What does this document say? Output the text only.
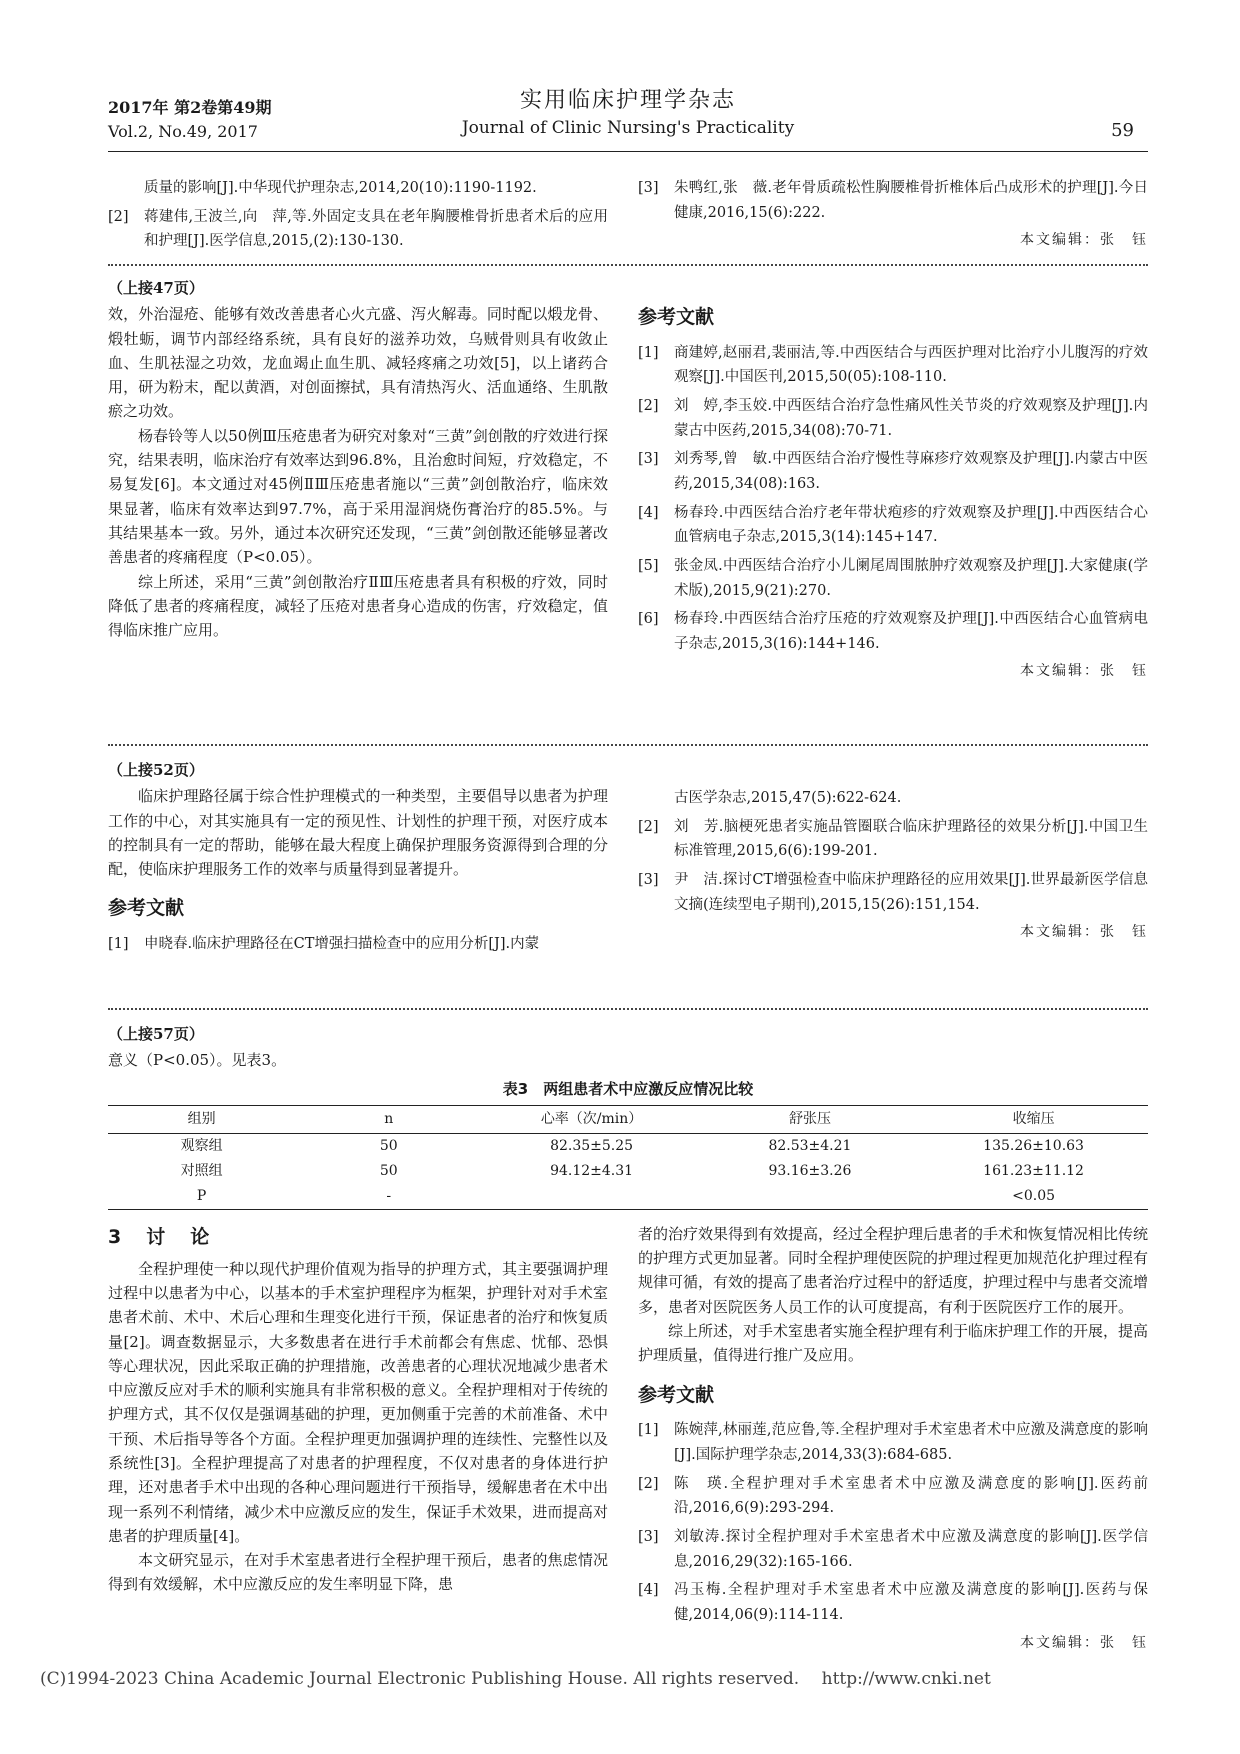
2017年 第2卷第49期
Vol.2, No.49, 2017
实用临床护理学杂志
Journal of Clinic Nursing's Practicality	59
质量的影响[J].中华现代护理杂志,2014,20(10):1190-1192.
[2]	蒋建伟,王波兰,向　萍,等.外固定支具在老年胸腰椎骨折患者术后的应用和护理[J].医学信息,2015,(2):130-130.
[3]	朱鸭红,张　薇.老年骨质疏松性胸腰椎骨折椎体后凸成形术的护理[J].今日健康,2016,15(6):222.
本文编辑：张　钰
（上接47页）

效，外治湿疮、能够有效改善患者心火亢盛、泻火解毒。同时配以煅龙骨、煅牡蛎，调节内部经络系统，具有良好的滋养功效，乌贼骨则具有收敛止血、生肌祛湿之功效，龙血竭止血生肌、减轻疼痛之功效[5]，以上诸药合用，研为粉末，配以黄酒，对创面擦拭，具有清热泻火、活血通络、生肌散瘀之功效。

杨春铃等人以50例Ⅲ压疮患者为研究对象对“三黄”剑创散的疗效进行探究，结果表明，临床治疗有效率达到96.8%，且治愈时间短，疗效稳定，不易复发[6]。本文通过对45例ⅡⅢ压疮患者施以“三黄”剑创散治疗，临床效果显著，临床有效率达到97.7%，高于采用湿润烧伤膏治疗的85.5%。与其结果基本一致。另外，通过本次研究还发现，“三黄”剑创散还能够显著改善患者的疼痛程度（P<0.05）。

综上所述，采用“三黄”剑创散治疗ⅡⅢ压疮患者具有积极的疗效，同时降低了患者的疼痛程度，减轻了压疮对患者身心造成的伤害，疗效稳定，值得临床推广应用。

参考文献
[1]	商建婷,赵丽君,裴丽洁,等.中西医结合与西医护理对比治疗小儿腹泻的疗效观察[J].中国医刊,2015,50(05):108-110.
[2]	刘　婷,李玉姣.中西医结合治疗急性痛风性关节炎的疗效观察及护理[J].内蒙古中医药,2015,34(08):70-71.
[3]	刘秀琴,曾　敏.中西医结合治疗慢性荨麻疹疗效观察及护理[J].内蒙古中医药,2015,34(08):163.
[4]	杨春玲.中西医结合治疗老年带状疱疹的疗效观察及护理[J].中西医结合心血管病电子杂志,2015,3(14):145+147.
[5]	张金凤.中西医结合治疗小儿阑尾周围脓肿疗效观察及护理[J].大家健康(学术版),2015,9(21):270.
[6]	杨春玲.中西医结合治疗压疮的疗效观察及护理[J].中西医结合心血管病电子杂志,2015,3(16):144+146.
本文编辑：张　钰
（上接52页）

临床护理路径属于综合性护理模式的一种类型，主要倡导以患者为护理工作的中心，对其实施具有一定的预见性、计划性的护理干预，对医疗成本的控制具有一定的帮助，能够在最大程度上确保护理服务资源得到合理的分配，使临床护理服务工作的效率与质量得到显著提升。

参考文献
[1]	申晓春.临床护理路径在CT增强扫描检查中的应用分析[J].内蒙
古医学杂志,2015,47(5):622-624.
[2]	刘　芳.脑梗死患者实施品管圈联合临床护理路径的效果分析[J].中国卫生标准管理,2015,6(6):199-201.
[3]	尹　洁.探讨CT增强检查中临床护理路径的应用效果[J].世界最新医学信息文摘(连续型电子期刊),2015,15(26):151,154.
本文编辑：张　钰
（上接57页）

意义（P<0.05）。见表3。

表3　两组患者术中应激反应情况比较
组别	n	心率（次/min）	舒张压	收缩压
观察组	50	82.35±5.25	82.53±4.21	135.26±10.63
对照组	50	94.12±4.31	93.16±3.26	161.23±11.12
P	-			<0.05
3　讨　论

全程护理使一种以现代护理价值观为指导的护理方式，其主要强调护理过程中以患者为中心，以基本的手术室护理程序为框架，护理针对对手术室患者术前、术中、术后心理和生理变化进行干预，保证患者的治疗和恢复质量[2]。调查数据显示，大多数患者在进行手术前都会有焦虑、忧郁、恐惧等心理状况，因此采取正确的护理措施，改善患者的心理状况地减少患者术中应激反应对手术的顺利实施具有非常积极的意义。全程护理相对于传统的护理方式，其不仅仅是强调基础的护理，更加侧重于完善的术前准备、术中干预、术后指导等各个方面。全程护理更加强调护理的连续性、完整性以及系统性[3]。全程护理提高了对患者的护理程度，不仅对患者的身体进行护理，还对患者手术中出现的各种心理问题进行干预指导，缓解患者在术中出现一系列不利情绪，减少术中应激反应的发生，保证手术效果，进而提高对患者的护理质量[4]。

本文研究显示，在对手术室患者进行全程护理干预后，患者的焦虑情况得到有效缓解，术中应激反应的发生率明显下降，患

者的治疗效果得到有效提高，经过全程护理后患者的手术和恢复情况相比传统的护理方式更加显著。同时全程护理使医院的护理过程更加规范化护理过程有规律可循，有效的提高了患者治疗过程中的舒适度，护理过程中与患者交流增多，患者对医院医务人员工作的认可度提高，有利于医院医疗工作的展开。

综上所述，对手术室患者实施全程护理有利于临床护理工作的开展，提高护理质量，值得进行推广及应用。

参考文献
[1]	陈婉萍,林丽莲,范应鲁,等.全程护理对手术室患者术中应激及满意度的影响[J].国际护理学杂志,2014,33(3):684-685.
[2]	陈　瑛.全程护理对手术室患者术中应激及满意度的影响[J].医药前沿,2016,6(9):293-294.
[3]	刘敏涛.探讨全程护理对手术室患者术中应激及满意度的影响[J].医学信息,2016,29(32):165-166.
[4]	冯玉梅.全程护理对手术室患者术中应激及满意度的影响[J].医药与保健,2014,06(9):114-114.
本文编辑：张　钰
(C)1994-2023 China Academic Journal Electronic Publishing House. All rights reserved.　 http://www.cnki.net
